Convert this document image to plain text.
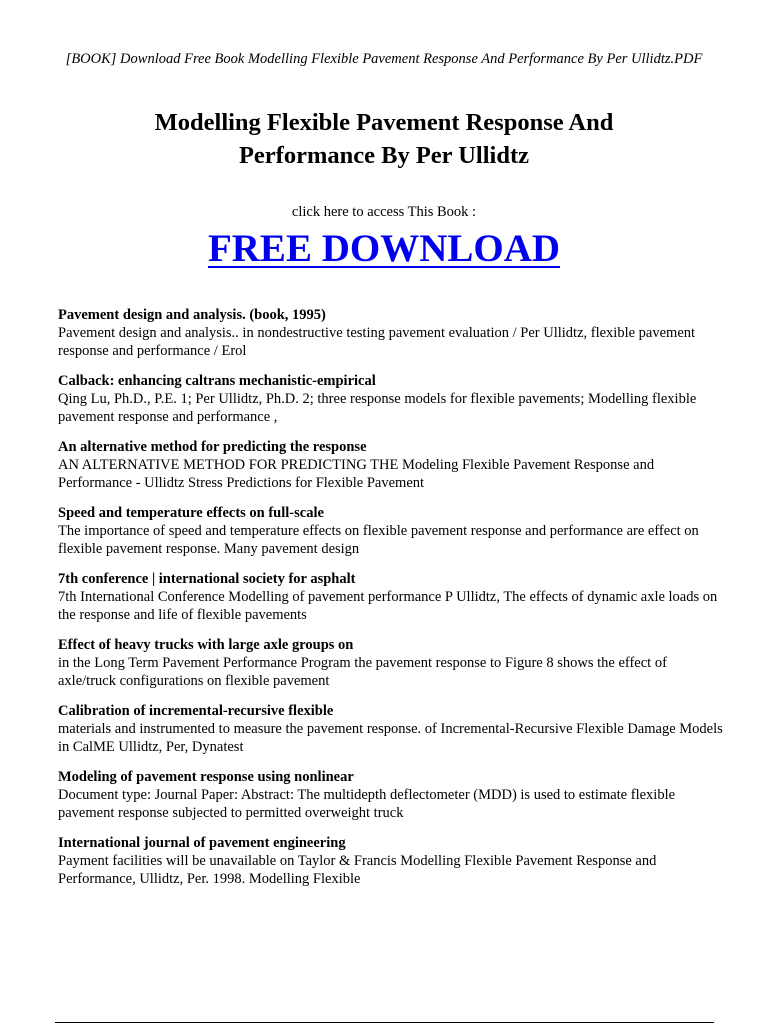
[BOOK] Download Free Book Modelling Flexible Pavement Response And Performance By Per Ullidtz.PDF
Modelling Flexible Pavement Response And
Performance By Per Ullidtz
click here to access This Book :
FREE DOWNLOAD
Pavement design and analysis. (book, 1995)
Pavement design and analysis.. in nondestructive testing pavement evaluation / Per Ullidtz, flexible pavement response and performance / Erol
Calback: enhancing caltrans mechanistic-empirical
Qing Lu, Ph.D., P.E. 1; Per Ullidtz, Ph.D. 2; three response models for flexible pavements; Modelling flexible pavement response and performance ,
An alternative method for predicting the response
AN ALTERNATIVE METHOD FOR PREDICTING THE Modeling Flexible Pavement Response and Performance - Ullidtz Stress Predictions for Flexible Pavement
Speed and temperature effects on full-scale
The importance of speed and temperature effects on flexible pavement response and performance are effect on flexible pavement response. Many pavement design
7th conference | international society for asphalt
7th International Conference Modelling of pavement performance P Ullidtz, The effects of dynamic axle loads on the response and life of flexible pavements
Effect of heavy trucks with large axle groups on
in the Long Term Pavement Performance Program the pavement response to Figure 8 shows the effect of axle/truck configurations on flexible pavement
Calibration of incremental-recursive flexible
materials and instrumented to measure the pavement response. of Incremental-Recursive Flexible Damage Models in CalME Ullidtz, Per, Dynatest
Modeling of pavement response using nonlinear
Document type: Journal Paper: Abstract: The multidepth deflectometer (MDD) is used to estimate flexible pavement response subjected to permitted overweight truck
International journal of pavement engineering
Payment facilities will be unavailable on Taylor & Francis Modelling Flexible Pavement Response and Performance, Ullidtz, Per. 1998. Modelling Flexible
